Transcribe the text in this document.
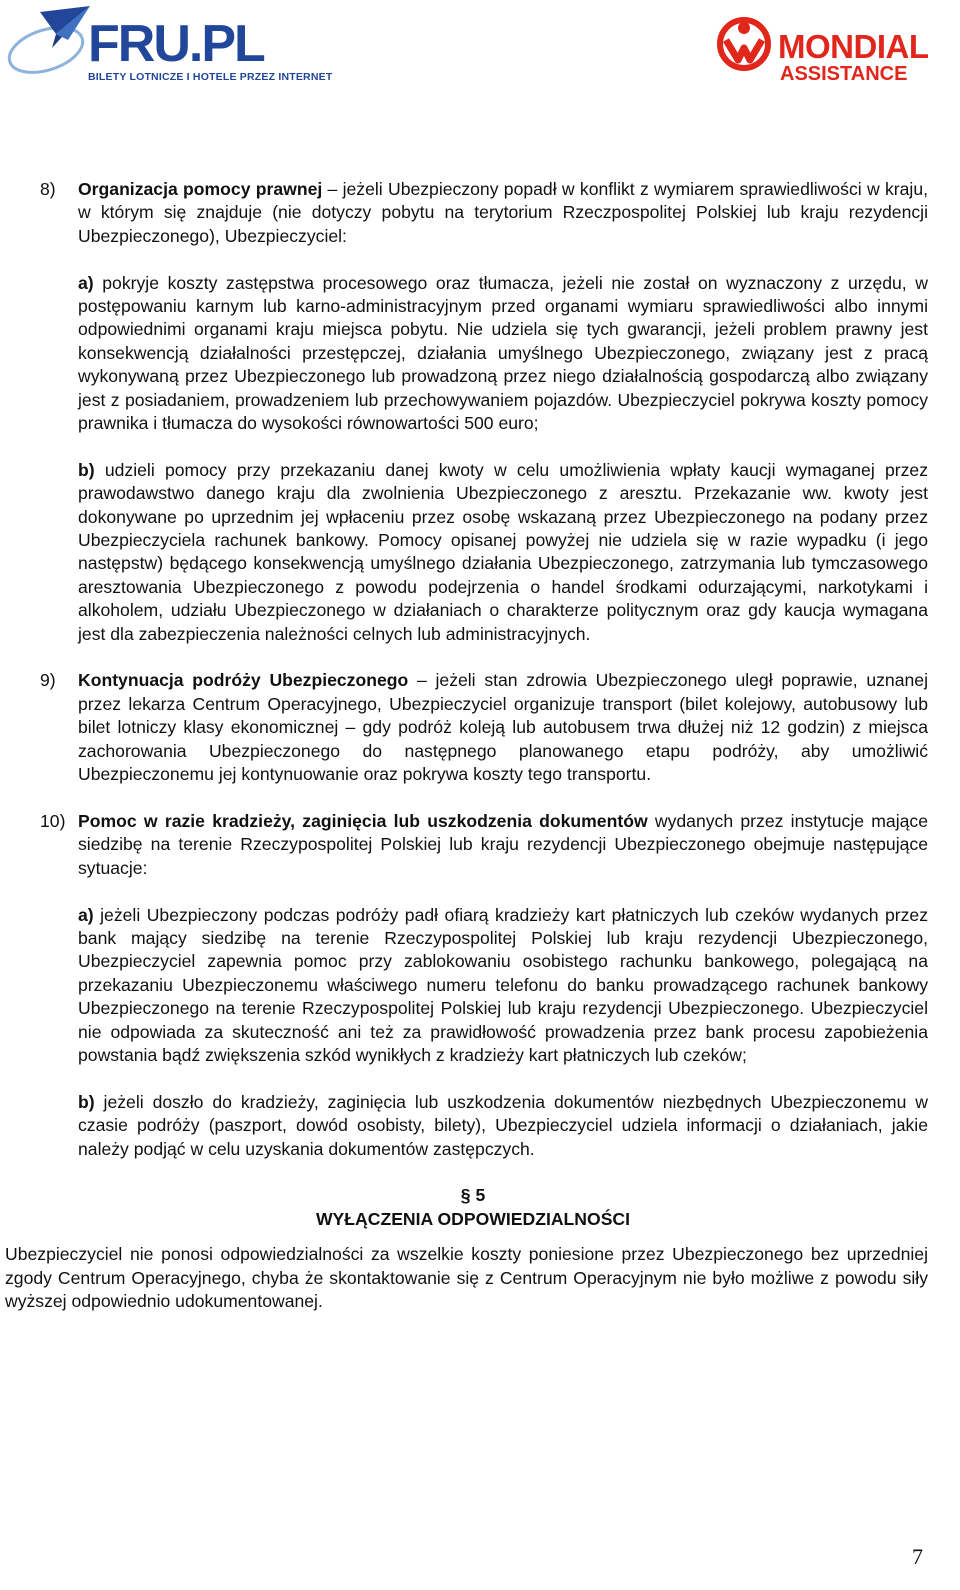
FRU.PL
BILETY LOTNICZE I HOTELE PRZEZ INTERNET
MONDIAL
ASSISTANCE
8) Organizacja pomocy prawnej – jeżeli Ubezpieczony popadł w konflikt z wymiarem sprawiedliwości w kraju, w którym się znajduje (nie dotyczy pobytu na terytorium Rzeczpospolitej Polskiej lub kraju rezydencji Ubezpieczonego), Ubezpieczyciel:

a) pokryje koszty zastępstwa procesowego oraz tłumacza, jeżeli nie został on wyznaczony z urzędu, w postępowaniu karnym lub karno-administracyjnym przed organami wymiaru sprawiedliwości albo innymi odpowiednimi organami kraju miejsca pobytu. Nie udziela się tych gwarancji, jeżeli problem prawny jest konsekwencją działalności przestępczej, działania umyślnego Ubezpieczonego, związany jest z pracą wykonywaną przez Ubezpieczonego lub prowadzoną przez niego działalnością gospodarczą albo związany jest z posiadaniem, prowadzeniem lub przechowywaniem pojazdów. Ubezpieczyciel pokrywa koszty pomocy prawnika i tłumacza do wysokości równowartości 500 euro;

b) udzieli pomocy przy przekazaniu danej kwoty w celu umożliwienia wpłaty kaucji wymaganej przez prawodawstwo danego kraju dla zwolnienia Ubezpieczonego z aresztu. Przekazanie ww. kwoty jest dokonywane po uprzednim jej wpłaceniu przez osobę wskazaną przez Ubezpieczonego na podany przez Ubezpieczyciela rachunek bankowy. Pomocy opisanej powyżej nie udziela się w razie wypadku (i jego następstw) będącego konsekwencją umyślnego działania Ubezpieczonego, zatrzymania lub tymczasowego aresztowania Ubezpieczonego z powodu podejrzenia o handel środkami odurzającymi, narkotykami i alkoholem, udziału Ubezpieczonego w działaniach o charakterze politycznym oraz gdy kaucja wymagana jest dla zabezpieczenia należności celnych lub administracyjnych.

9) Kontynuacja podróży Ubezpieczonego – jeżeli stan zdrowia Ubezpieczonego uległ poprawie, uznanej przez lekarza Centrum Operacyjnego, Ubezpieczyciel organizuje transport (bilet kolejowy, autobusowy lub bilet lotniczy klasy ekonomicznej – gdy podróż koleją lub autobusem trwa dłużej niż 12 godzin) z miejsca zachorowania Ubezpieczonego do następnego planowanego etapu podróży, aby umożliwić Ubezpieczonemu jej kontynuowanie oraz pokrywa koszty tego transportu.

10) Pomoc w razie kradzieży, zaginięcia lub uszkodzenia dokumentów wydanych przez instytucje mające siedzibę na terenie Rzeczypospolitej Polskiej lub kraju rezydencji Ubezpieczonego obejmuje następujące sytuacje:

a) jeżeli Ubezpieczony podczas podróży padł ofiarą kradzieży kart płatniczych lub czeków wydanych przez bank mający siedzibę na terenie Rzeczypospolitej Polskiej lub kraju rezydencji Ubezpieczonego, Ubezpieczyciel zapewnia pomoc przy zablokowaniu osobistego rachunku bankowego, polegającą na przekazaniu Ubezpieczonemu właściwego numeru telefonu do banku prowadzącego rachunek bankowy Ubezpieczonego na terenie Rzeczypospolitej Polskiej lub kraju rezydencji Ubezpieczonego. Ubezpieczyciel nie odpowiada za skuteczność ani też za prawidłowość prowadzenia przez bank procesu zapobieżenia powstania bądź zwiększenia szkód wynikłych z kradzieży kart płatniczych lub czeków;

b) jeżeli doszło do kradzieży, zaginięcia lub uszkodzenia dokumentów niezbędnych Ubezpieczonemu w czasie podróży (paszport, dowód osobisty, bilety), Ubezpieczyciel udziela informacji o działaniach, jakie należy podjąć w celu uzyskania dokumentów zastępczych.

§ 5
WYŁĄCZENIA ODPOWIEDZIALNOŚCI

Ubezpieczyciel nie ponosi odpowiedzialności za wszelkie koszty poniesione przez Ubezpieczonego bez uprzedniej zgody Centrum Operacyjnego, chyba że skontaktowanie się z Centrum Operacyjnym nie było możliwe z powodu siły wyższej odpowiednio udokumentowanej.

7
